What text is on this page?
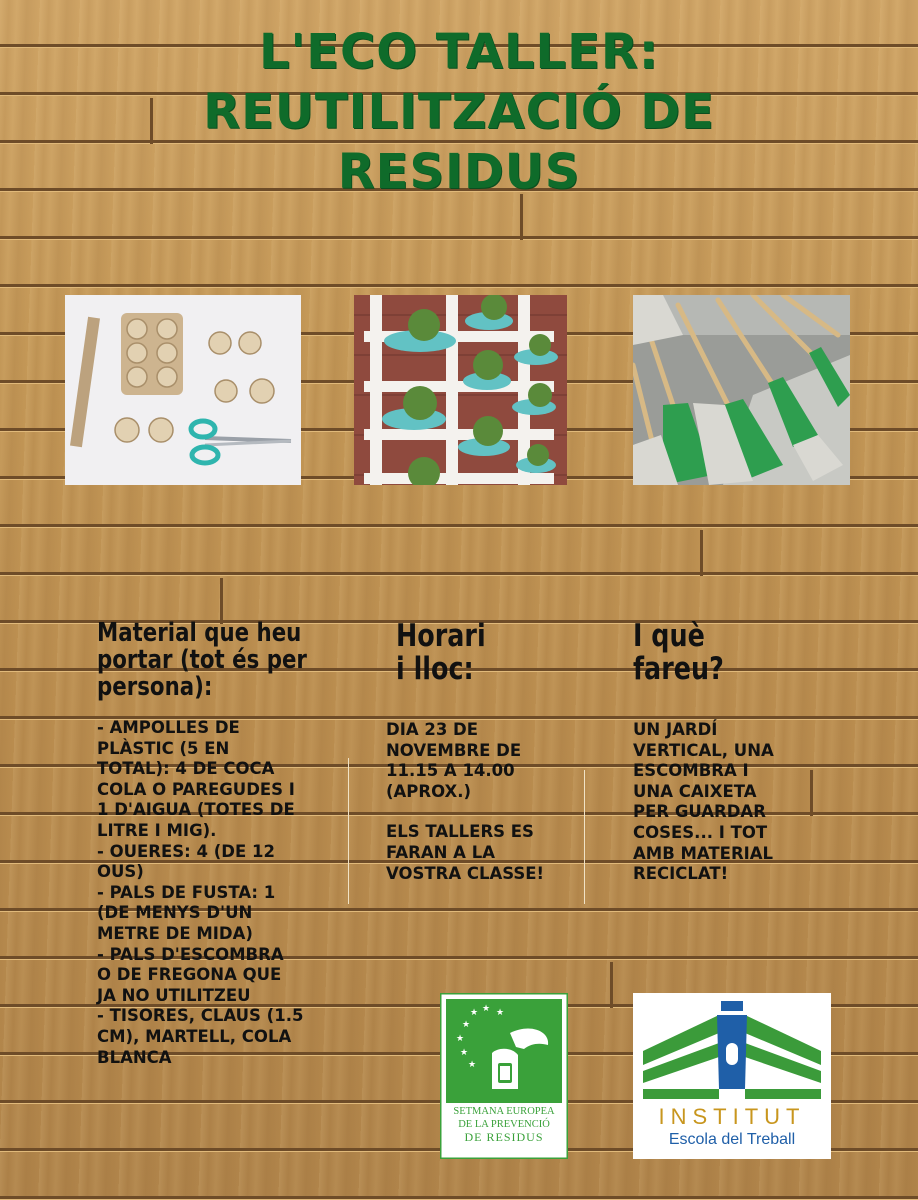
L'ECO TALLER:
REUTILITZACIÓ DE
RESIDUS
Material que heu
portar (tot és per
persona):
Horari
i lloc:
I què
fareu?
- AMPOLLES DE
PLÀSTIC (5 EN
TOTAL): 4 DE COCA
COLA O PAREGUDES I
1 D'AIGUA (TOTES DE
LITRE I MIG).
- OUERES: 4 (DE 12
OUS)
- PALS DE FUSTA: 1
(DE MENYS D'UN
METRE DE MIDA)
- PALS D'ESCOMBRA
O DE FREGONA QUE
JA NO UTILITZEU
- TISORES, CLAUS (1.5
CM), MARTELL, COLA
BLANCA
DIA 23 DE
NOVEMBRE DE
11.15 A 14.00
(APROX.)
ELS TALLERS ES
FARAN A LA
VOSTRA CLASSE!
UN JARDÍ
VERTICAL, UNA
ESCOMBRA I
UNA CAIXETA
PER GUARDAR
COSES... I TOT
AMB MATERIAL
RECICLAT!
★
★
★
★
★
★ ★
SETMANA EUROPEA
DE LA PREVENCIÓ
DE RESIDUS
INSTITUT
Escola del Treball
